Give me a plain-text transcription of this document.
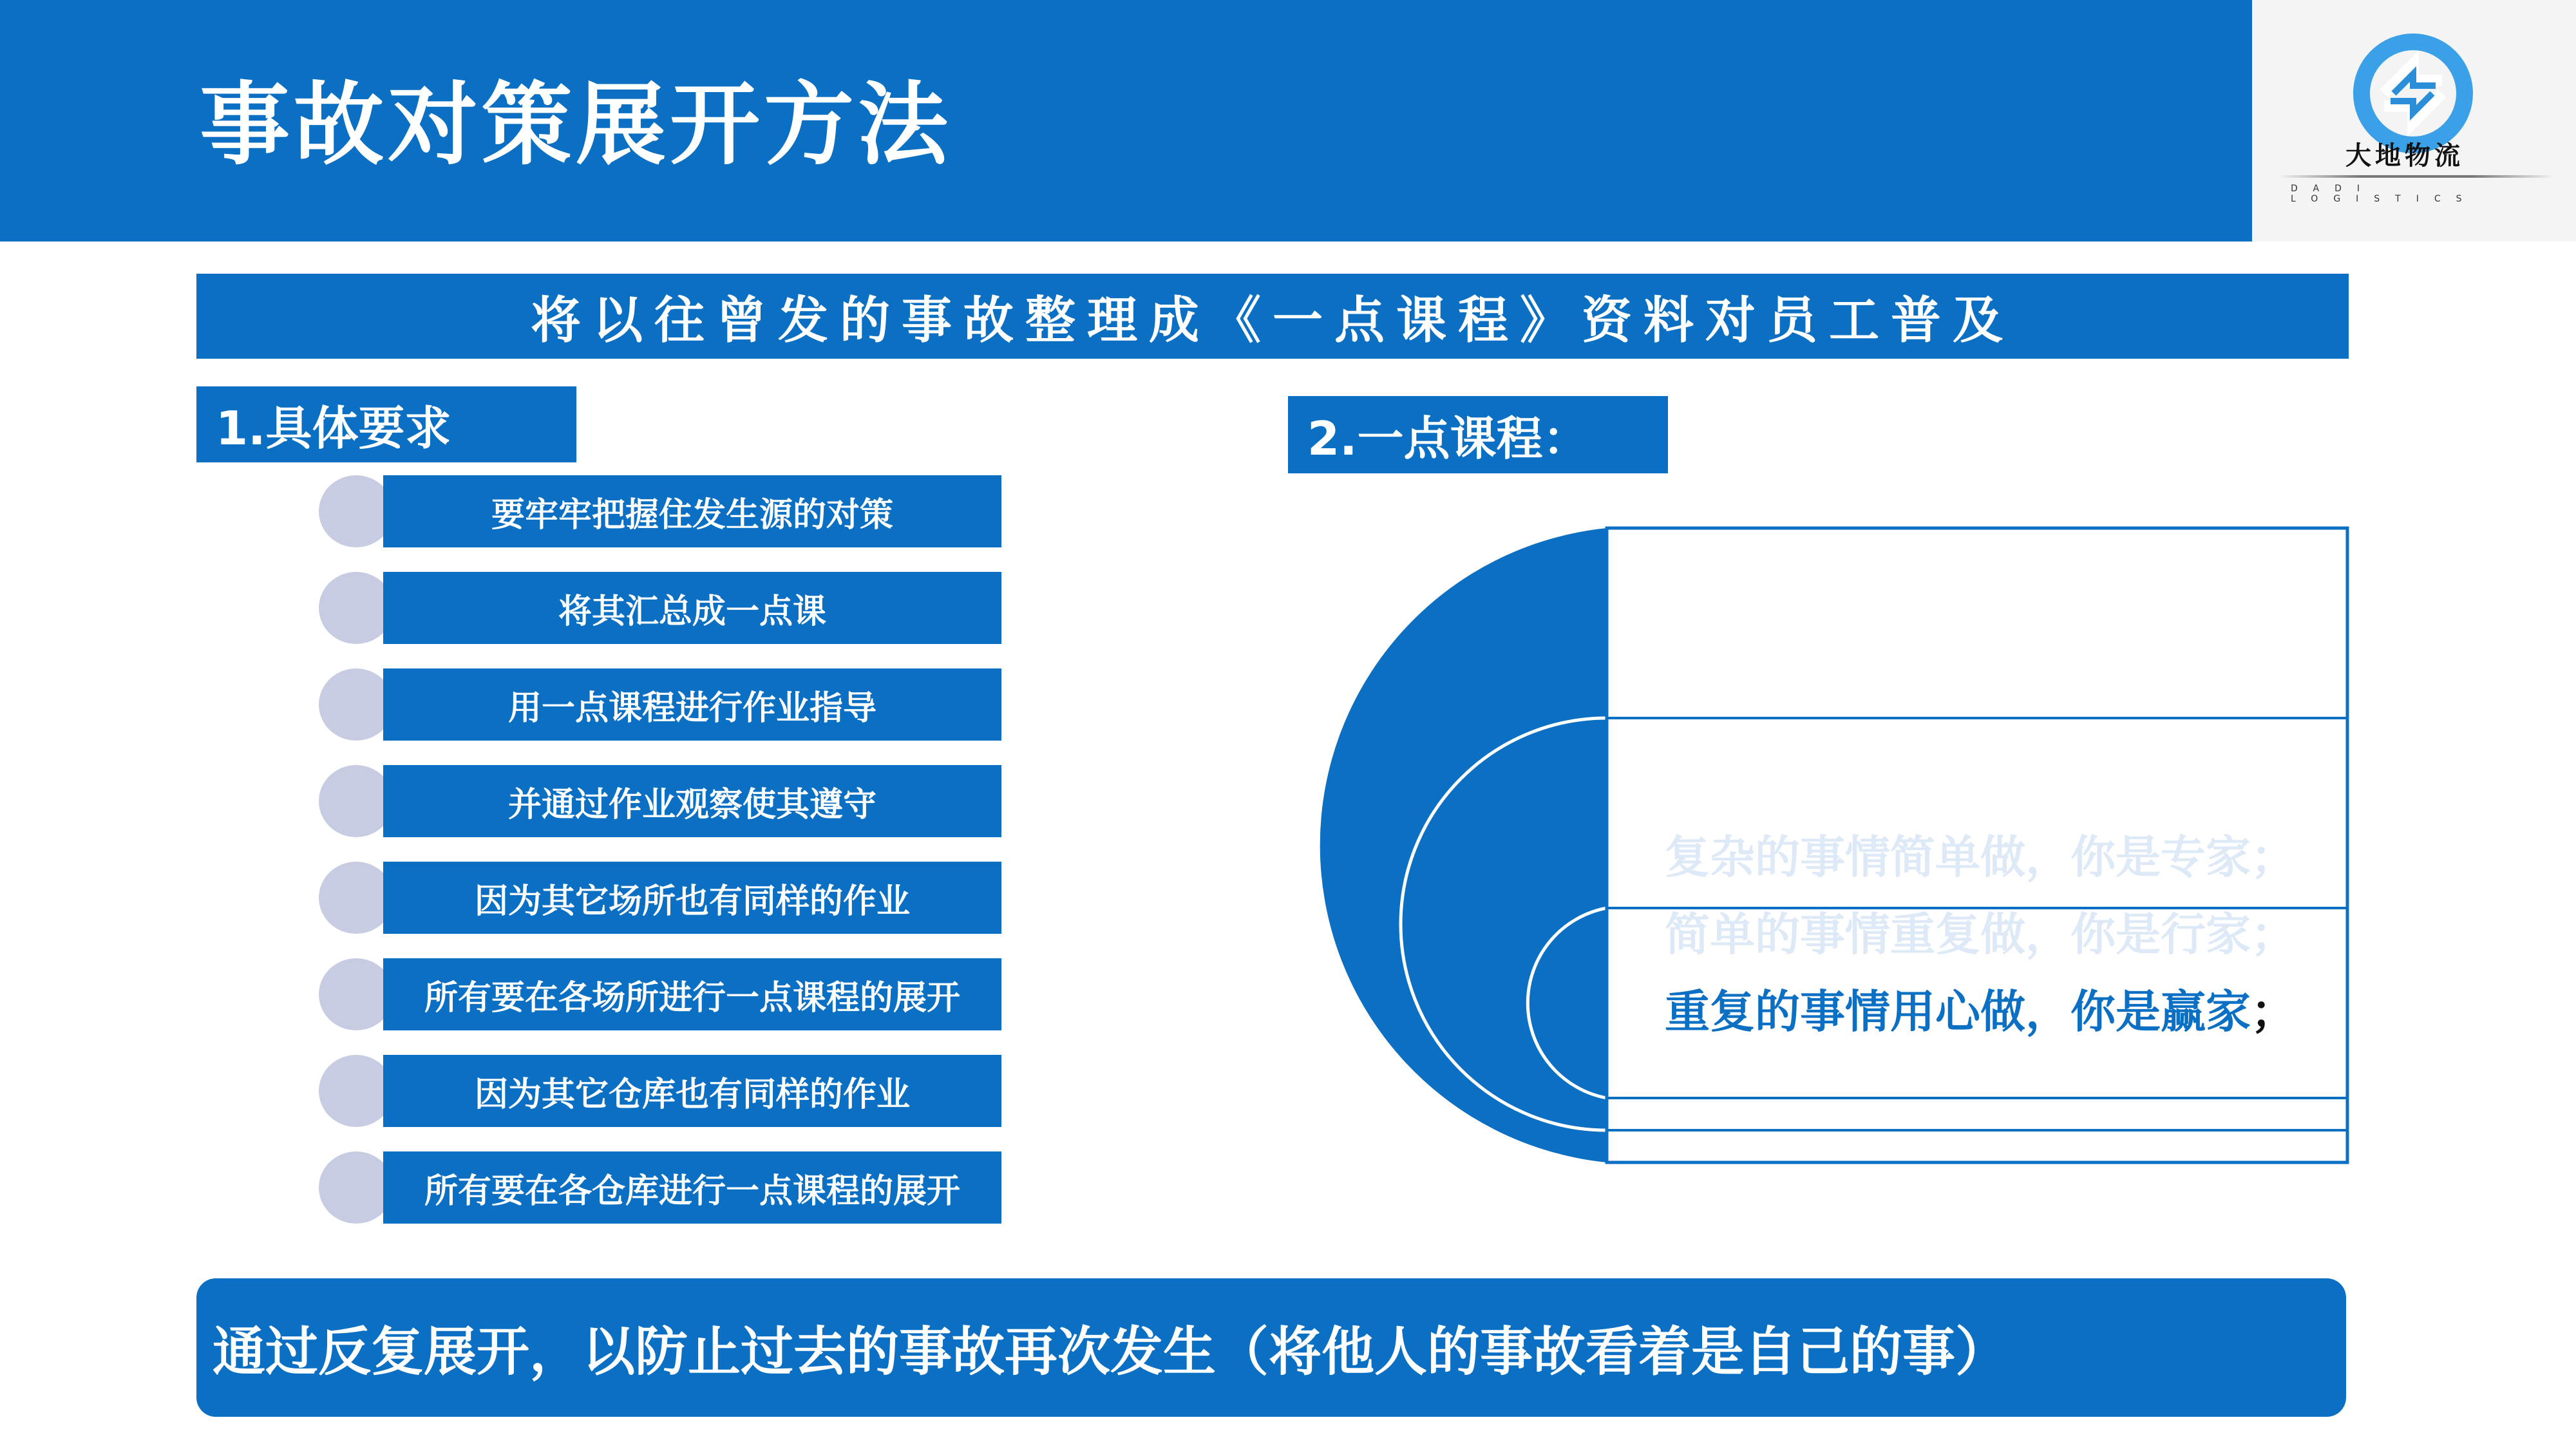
事故对策展开方法	大地物流
DADI LOGISTICS
将以往曾发的事故整理成《一点课程》资料对员工普及
1.具体要求	2.一点课程：
要牢牢把握住发生源的对策
将其汇总成一点课
用一点课程进行作业指导
并通过作业观察使其遵守
因为其它场所也有同样的作业
所有要在各场所进行一点课程的展开
因为其它仓库也有同样的作业
所有要在各仓库进行一点课程的展开
复杂的事情简单做，你是专家；
简单的事情重复做，你是行家；
重复的事情用心做，你是赢家；
通过反复展开，以防止过去的事故再次发生（将他人的事故看着是自己的事）
